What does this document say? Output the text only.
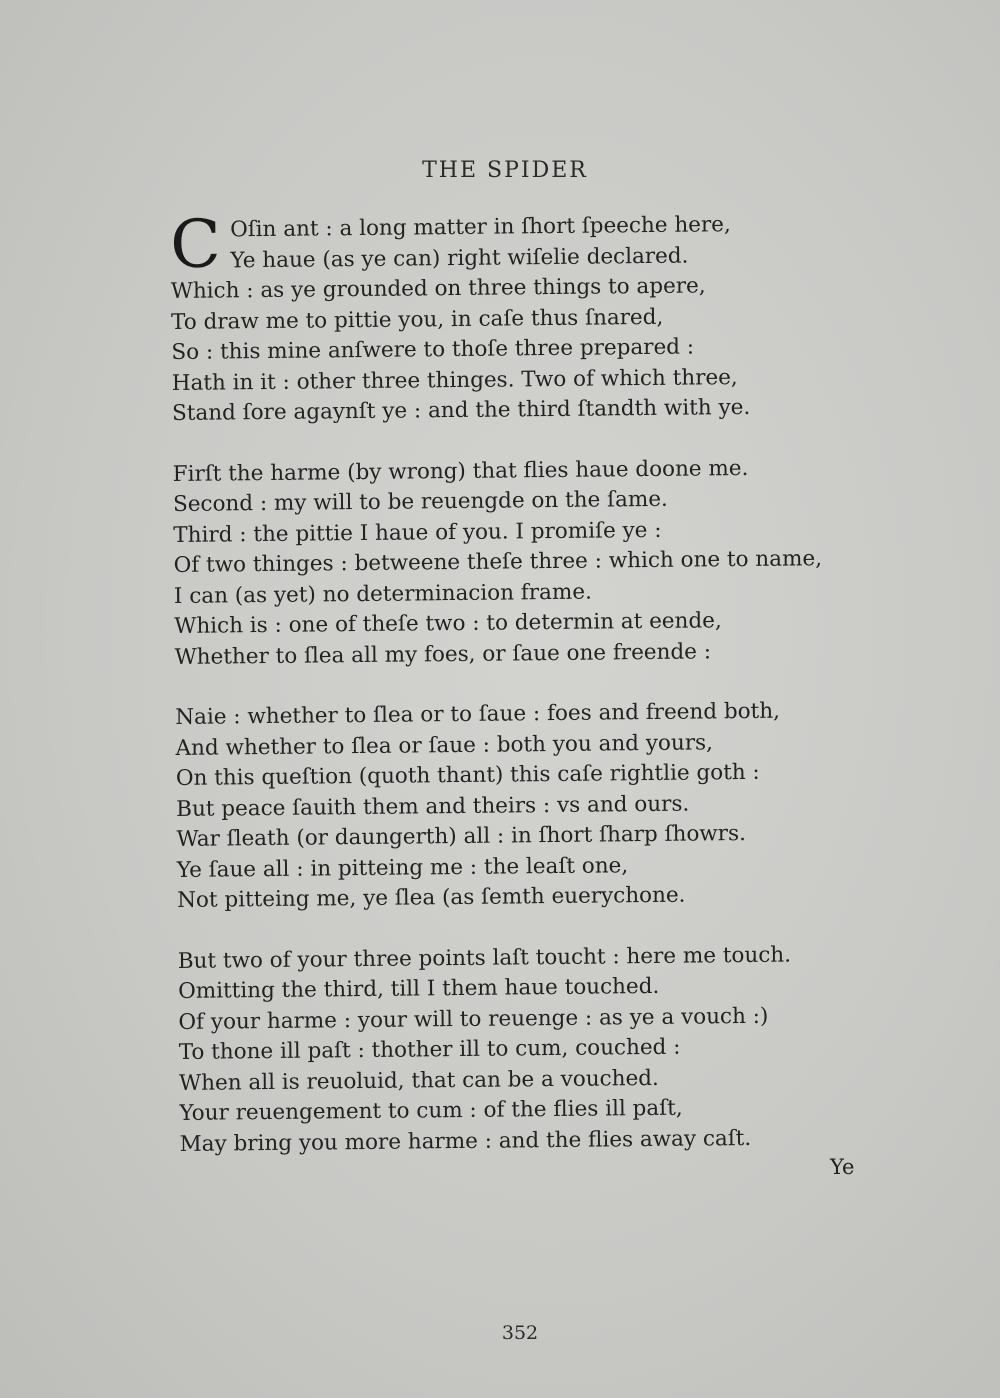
THE SPIDER
C Oſin ant : a long matter in ſhort ſpeeche here,
Ye haue (as ye can) right wiſelie declared.
Which : as ye grounded on three things to apere,
To draw me to pittie you, in caſe thus ſnared,
So : this mine anſwere to thoſe three prepared :
Hath in it : other three thinges. Two of which three,
Stand ſore agaynſt ye : and the third ſtandth with ye.
Firſt the harme (by wrong) that flies haue doone me.
Second : my will to be reuengde on the ſame.
Third : the pittie I haue of you. I promiſe ye :
Of two thinges : betweene theſe three : which one to name,
I can (as yet) no determinacion frame.
Which is : one of theſe two : to determin at eende,
Whether to ſlea all my foes, or ſaue one freende :
Naie : whether to ſlea or to ſaue : foes and freend both,
And whether to ſlea or ſaue : both you and yours,
On this queſtion (quoth thant) this caſe rightlie goth :
But peace ſauith them and theirs : vs and ours.
War ſleath (or daungerth) all : in ſhort ſharp ſhowrs.
Ye ſaue all : in pitteing me : the leaſt one,
Not pitteing me, ye ſlea (as ſemth euerychone.
But two of your three points laſt toucht : here me touch.
Omitting the third, till I them haue touched.
Of your harme : your will to reuenge : as ye a vouch :)
To thone ill paſt : thother ill to cum, couched :
When all is reuoluid, that can be a vouched.
Your reuengement to cum : of the flies ill paſt,
May bring you more harme : and the flies away caſt.
Ye
352
